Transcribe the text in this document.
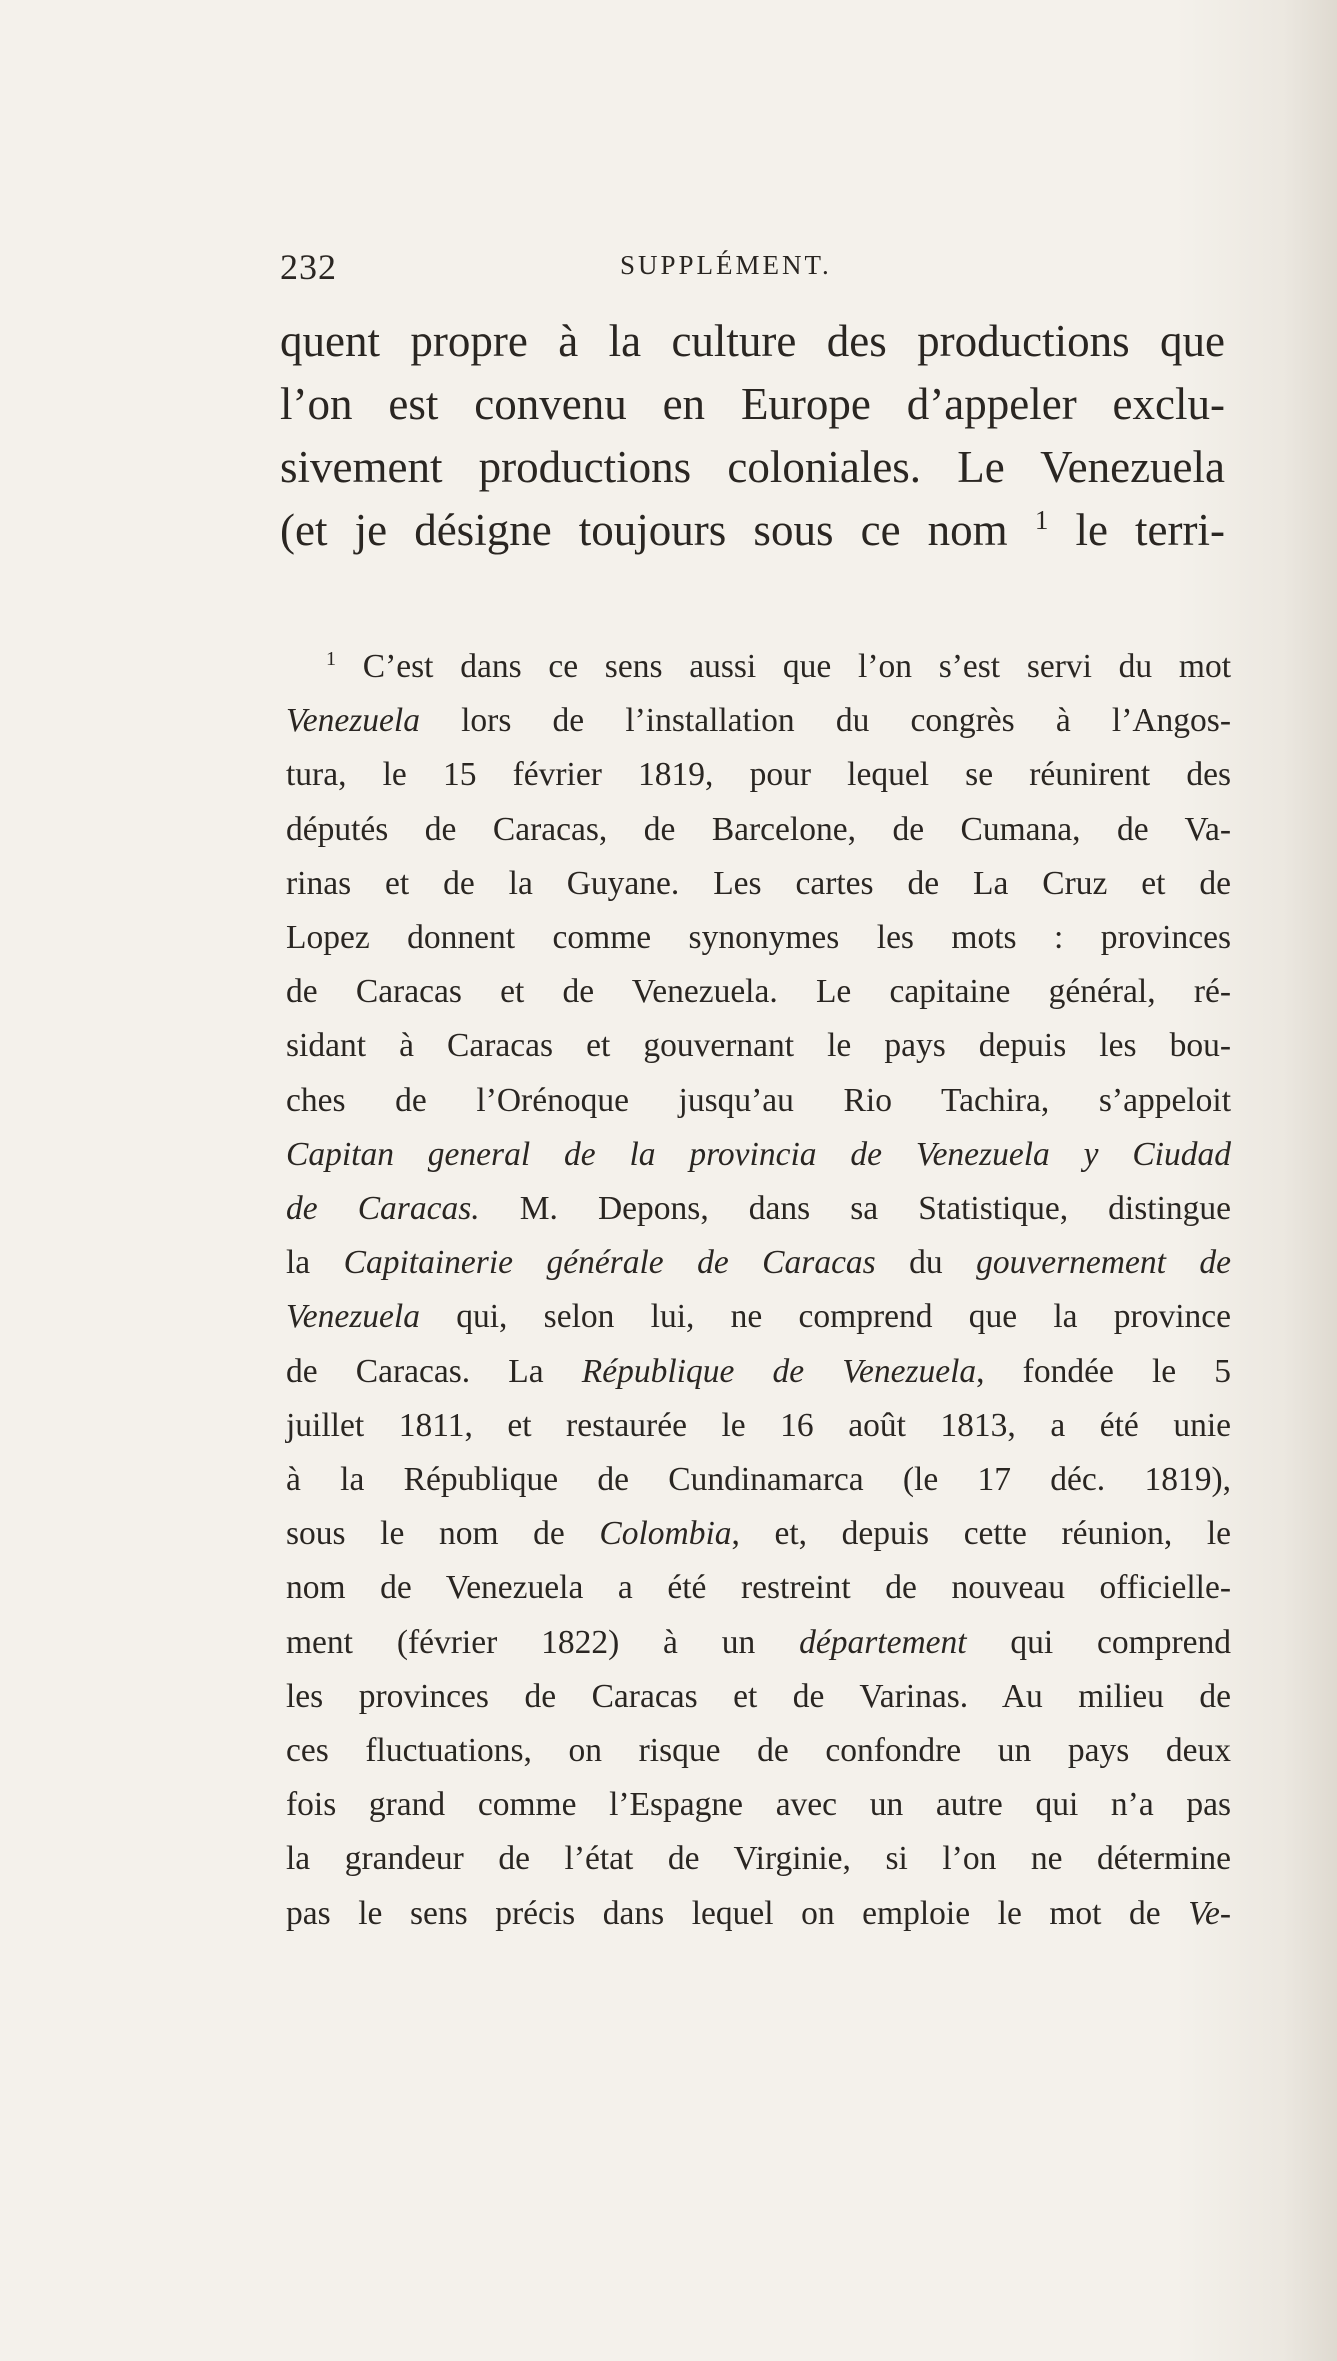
232	SUPPLÉMENT.
quent propre à la culture des productions que
l’on est convenu en Europe d’appeler exclu-
sivement productions coloniales. Le Venezuela
(et je désigne toujours sous ce nom $^1$ le terri-
$^1$ C’est dans ce sens aussi que l’on s’est servi du mot
Venezuela lors de l’installation du congrès à l’Angos-
tura, le 15 février 1819, pour lequel se réunirent des
députés de Caracas, de Barcelone, de Cumana, de Va-
rinas et de la Guyane. Les cartes de La Cruz et de
Lopez donnent comme synonymes les mots : provinces
de Caracas et de Venezuela. Le capitaine général, ré-
sidant à Caracas et gouvernant le pays depuis les bou-
ches de l’Orénoque jusqu’au Rio Tachira, s’appeloit
Capitan general de la provincia de Venezuela y Ciudad
de Caracas. M. Depons, dans sa Statistique, distingue
la Capitainerie générale de Caracas du gouvernement de
Venezuela qui, selon lui, ne comprend que la province
de Caracas. La République de Venezuela, fondée le 5
juillet 1811, et restaurée le 16 août 1813, a été unie
à la République de Cundinamarca (le 17 déc. 1819),
sous le nom de Colombia, et, depuis cette réunion, le
nom de Venezuela a été restreint de nouveau officielle-
ment (février 1822) à un département qui comprend
les provinces de Caracas et de Varinas. Au milieu de
ces fluctuations, on risque de confondre un pays deux
fois grand comme l’Espagne avec un autre qui n’a pas
la grandeur de l’état de Virginie, si l’on ne détermine
pas le sens précis dans lequel on emploie le mot de Ve-
